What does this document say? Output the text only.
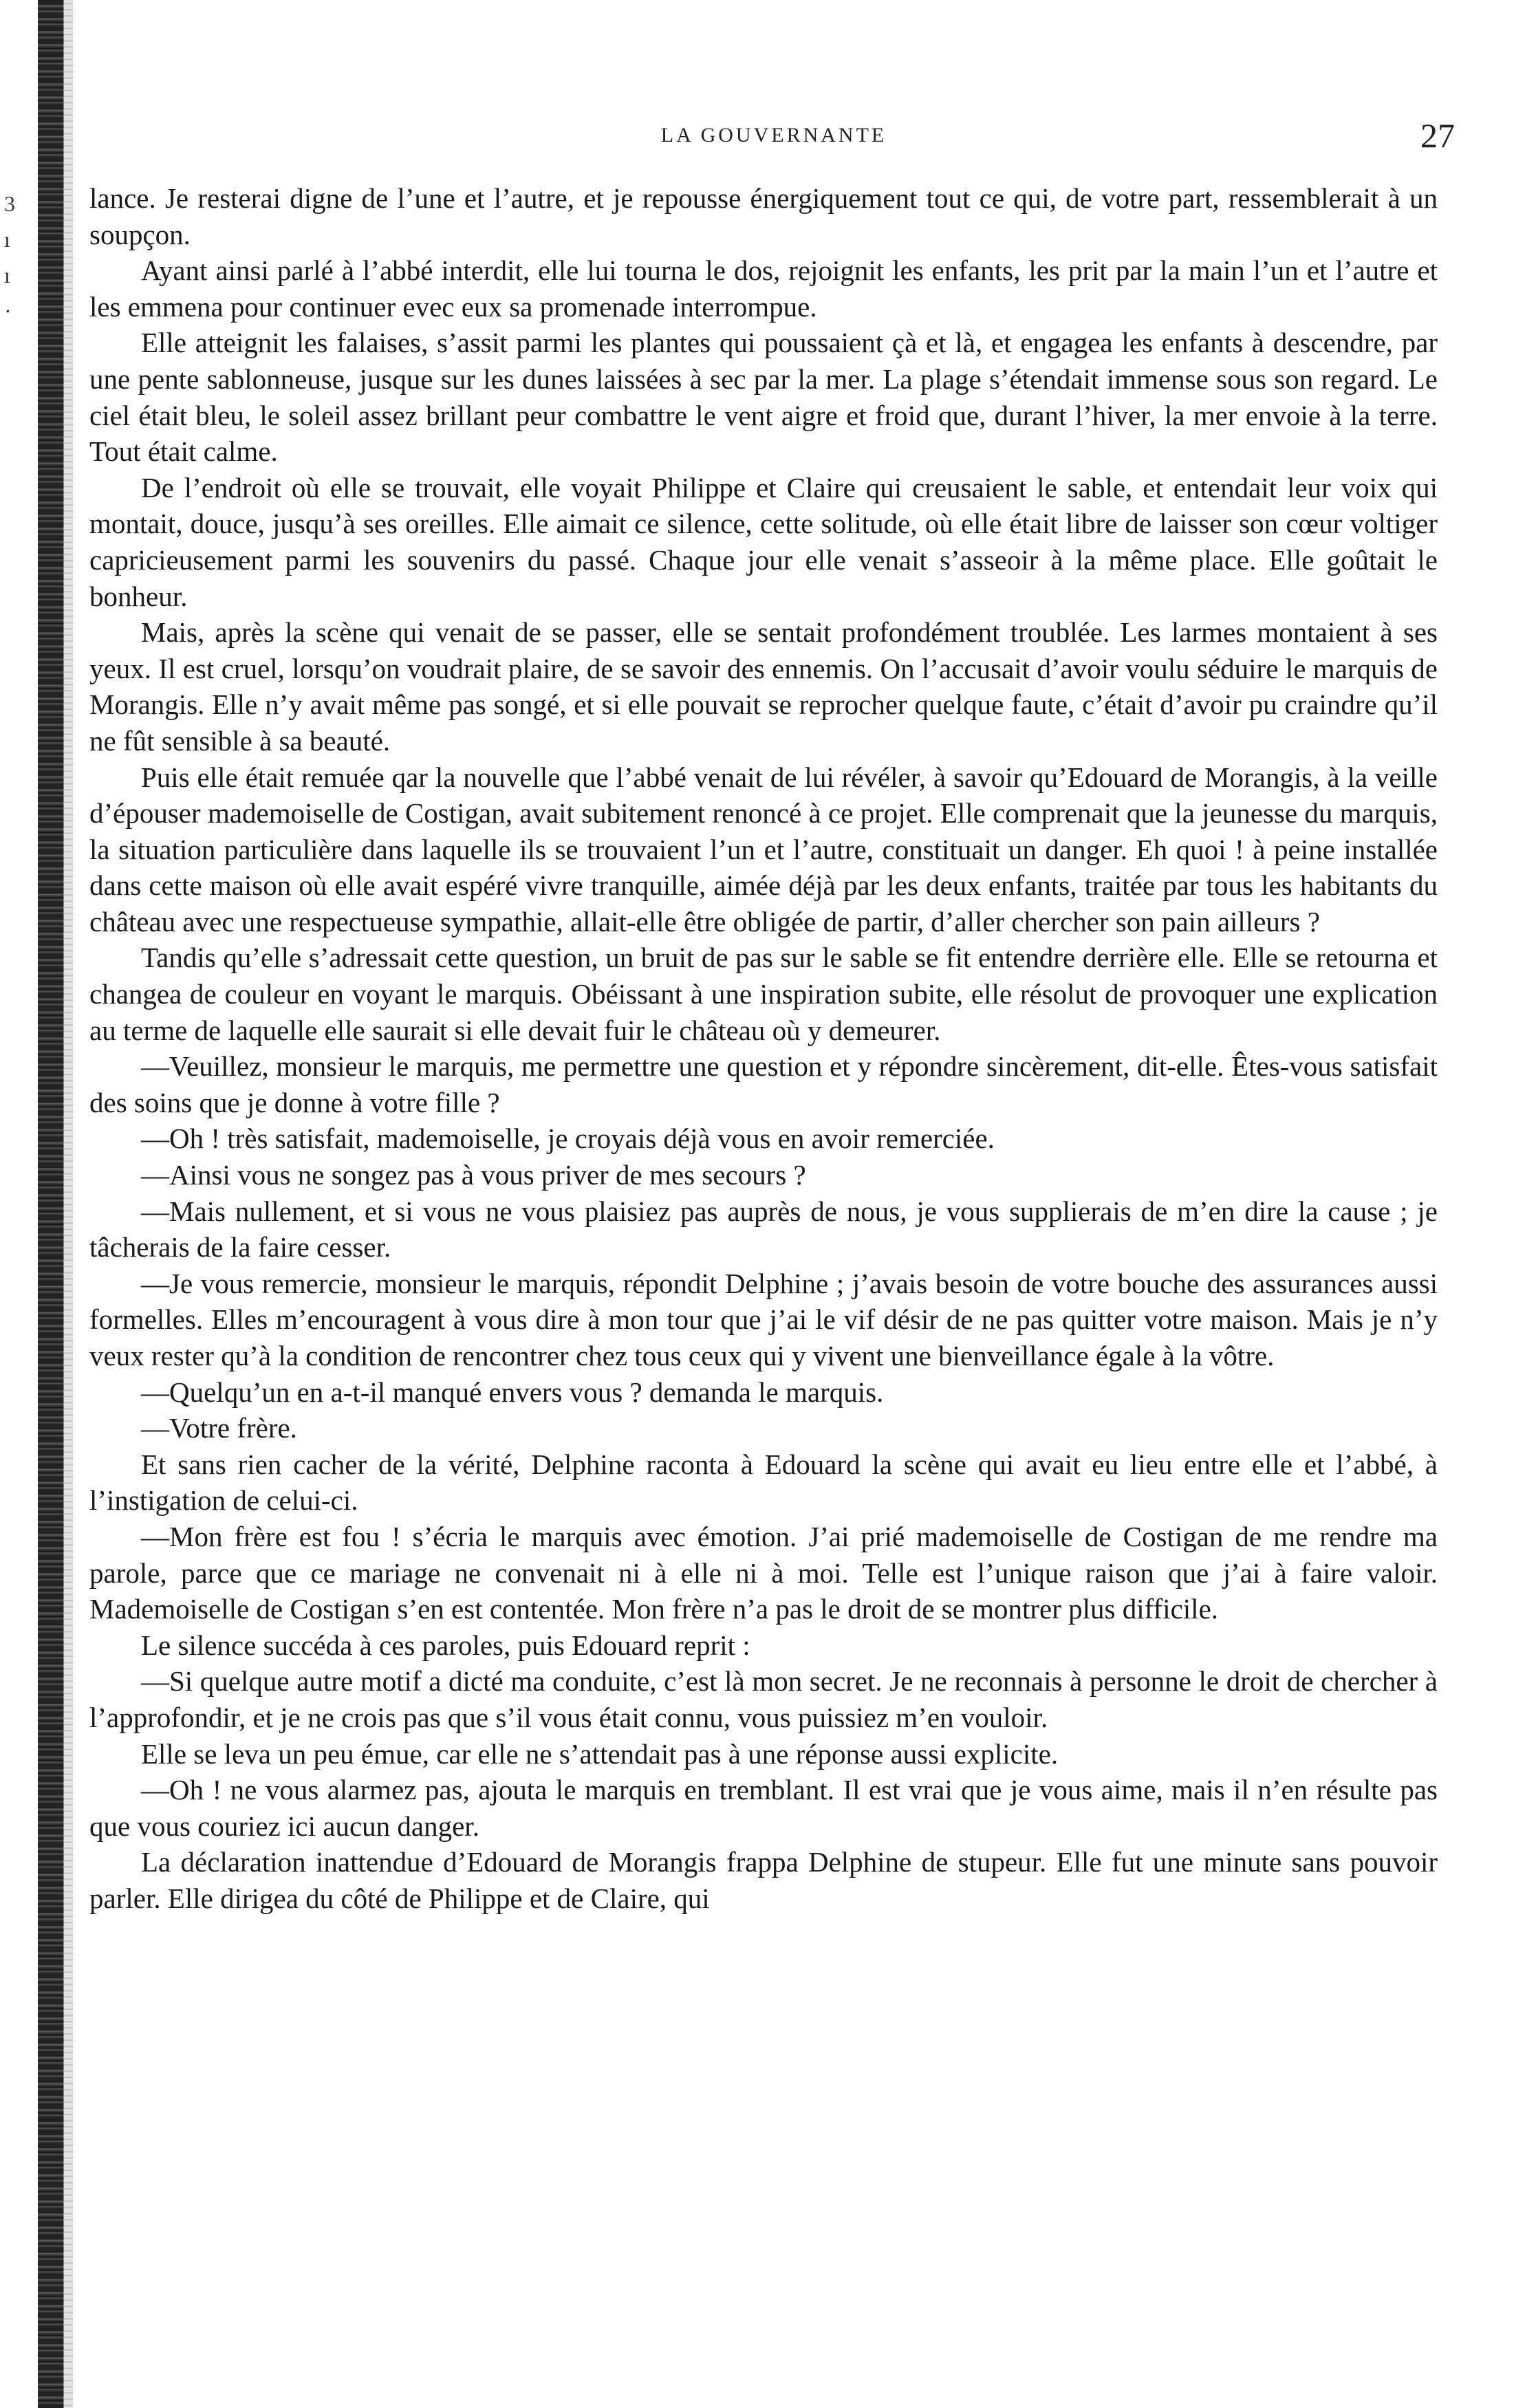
3
ı
ı
·
LA GOUVERNANTE	27

lance. Je resterai digne de l’une et l’autre, et je repousse énergiquement tout ce qui, de votre part, ressemblerait à un soupçon.

Ayant ainsi parlé à l’abbé interdit, elle lui tourna le dos, rejoignit les enfants, les prit par la main l’un et l’autre et les emmena pour continuer evec eux sa promenade interrompue.

Elle atteignit les falaises, s’assit parmi les plantes qui poussaient çà et là, et engagea les enfants à descendre, par une pente sablonneuse, jusque sur les dunes laissées à sec par la mer. La plage s’étendait immense sous son regard. Le ciel était bleu, le soleil assez brillant peur combattre le vent aigre et froid que, durant l’hiver, la mer envoie à la terre. Tout était calme.

De l’endroit où elle se trouvait, elle voyait Philippe et Claire qui creusaient le sable, et entendait leur voix qui montait, douce, jusqu’à ses oreilles. Elle aimait ce silence, cette solitude, où elle était libre de laisser son cœur voltiger capricieusement parmi les souvenirs du passé. Chaque jour elle venait s’asseoir à la même place. Elle goûtait le bonheur.

Mais, après la scène qui venait de se passer, elle se sentait profondément troublée. Les larmes montaient à ses yeux. Il est cruel, lorsqu’on voudrait plaire, de se savoir des ennemis. On l’accusait d’avoir voulu séduire le marquis de Morangis. Elle n’y avait même pas songé, et si elle pouvait se reprocher quelque faute, c’était d’avoir pu craindre qu’il ne fût sensible à sa beauté.

Puis elle était remuée qar la nouvelle que l’abbé venait de lui révéler, à savoir qu’Edouard de Morangis, à la veille d’épouser mademoiselle de Costigan, avait subitement renoncé à ce projet. Elle comprenait que la jeunesse du marquis, la situation particulière dans laquelle ils se trouvaient l’un et l’autre, constituait un danger. Eh quoi ! à peine installée dans cette maison où elle avait espéré vivre tranquille, aimée déjà par les deux enfants, traitée par tous les habitants du château avec une respectueuse sympathie, allait-elle être obligée de partir, d’aller chercher son pain ailleurs ?

Tandis qu’elle s’adressait cette question, un bruit de pas sur le sable se fit entendre derrière elle. Elle se retourna et changea de couleur en voyant le marquis. Obéissant à une inspiration subite, elle résolut de provoquer une explication au terme de laquelle elle saurait si elle devait fuir le château où y demeurer.

—Veuillez, monsieur le marquis, me permettre une question et y répondre sincèrement, dit-elle. Êtes-vous satisfait des soins que je donne à votre fille ?

—Oh ! très satisfait, mademoiselle, je croyais déjà vous en avoir remerciée.

—Ainsi vous ne songez pas à vous priver de mes secours ?

—Mais nullement, et si vous ne vous plaisiez pas auprès de nous, je vous supplierais de m’en dire la cause ; je tâcherais de la faire cesser.

—Je vous remercie, monsieur le marquis, répondit Delphine ; j’avais besoin de votre bouche des assurances aussi formelles. Elles m’encouragent à vous dire à mon tour que j’ai le vif désir de ne pas quitter votre maison. Mais je n’y veux rester qu’à la condition de rencontrer chez tous ceux qui y vivent une bienveillance égale à la vôtre.

—Quelqu’un en a-t-il manqué envers vous ? demanda le marquis.

—Votre frère.

Et sans rien cacher de la vérité, Delphine raconta à Edouard la scène qui avait eu lieu entre elle et l’abbé, à l’instigation de celui-ci.

—Mon frère est fou ! s’écria le marquis avec émotion. J’ai prié mademoiselle de Costigan de me rendre ma parole, parce que ce mariage ne convenait ni à elle ni à moi. Telle est l’unique raison que j’ai à faire valoir. Mademoiselle de Costigan s’en est contentée. Mon frère n’a pas le droit de se montrer plus difficile.

Le silence succéda à ces paroles, puis Edouard reprit :

—Si quelque autre motif a dicté ma conduite, c’est là mon secret. Je ne reconnais à personne le droit de chercher à l’approfondir, et je ne crois pas que s’il vous était connu, vous puissiez m’en vouloir.

Elle se leva un peu émue, car elle ne s’attendait pas à une réponse aussi explicite.

—Oh ! ne vous alarmez pas, ajouta le marquis en tremblant. Il est vrai que je vous aime, mais il n’en résulte pas que vous couriez ici aucun danger.

La déclaration inattendue d’Edouard de Morangis frappa Delphine de stupeur. Elle fut une minute sans pouvoir parler. Elle dirigea du côté de Philippe et de Claire, qui
